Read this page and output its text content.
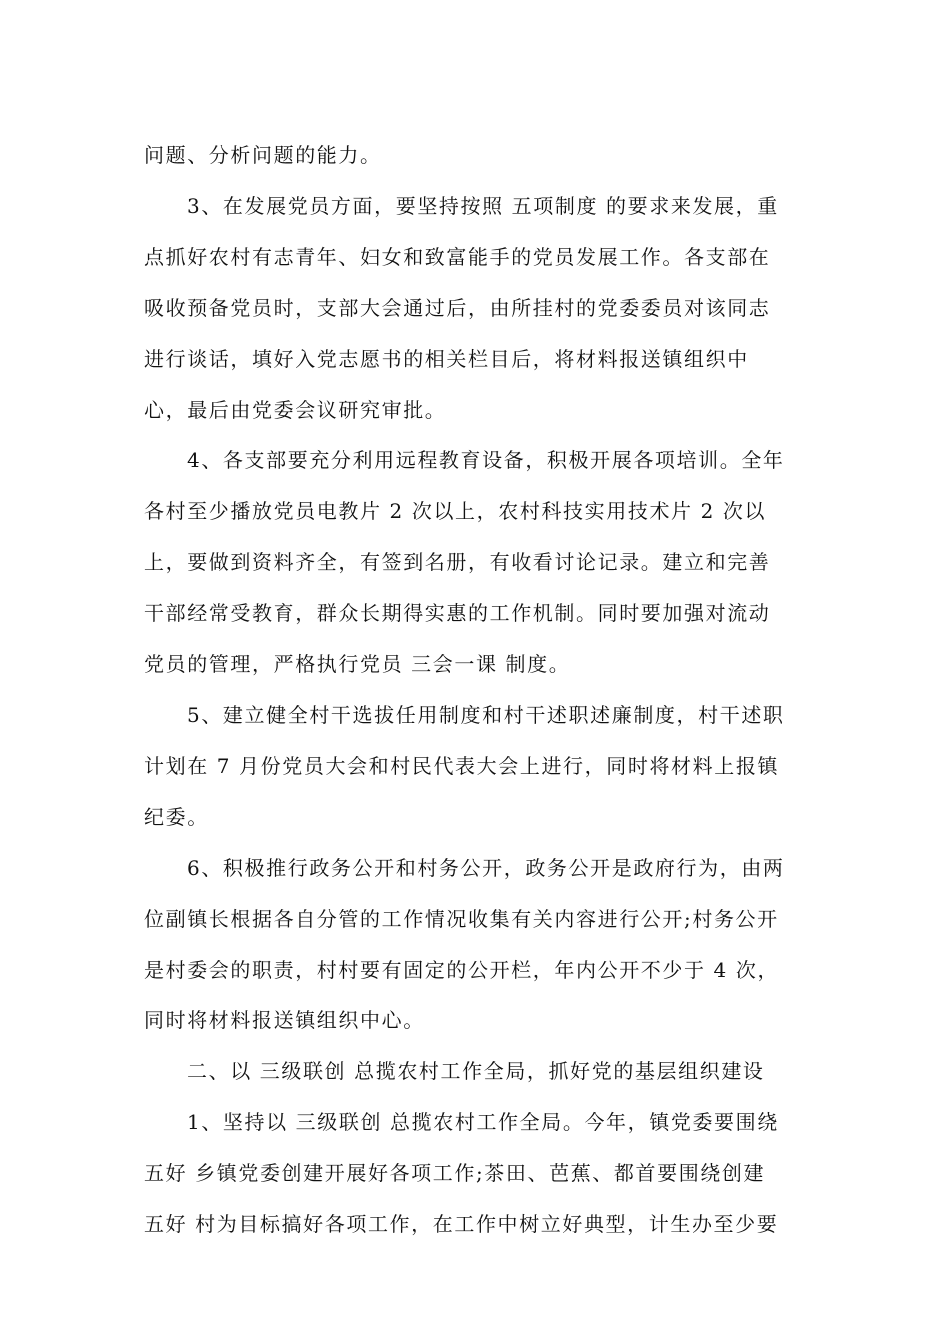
问题、分析问题的能力。

3、在发展党员方面，要坚持按照 五项制度 的要求来发展，重
点抓好农村有志青年、妇女和致富能手的党员发展工作。各支部在
吸收预备党员时，支部大会通过后，由所挂村的党委委员对该同志
进行谈话，填好入党志愿书的相关栏目后，将材料报送镇组织中
心，最后由党委会议研究审批。

4、各支部要充分利用远程教育设备，积极开展各项培训。全年
各村至少播放党员电教片 2 次以上，农村科技实用技术片 2 次以
上，要做到资料齐全，有签到名册，有收看讨论记录。建立和完善
干部经常受教育，群众长期得实惠的工作机制。同时要加强对流动
党员的管理，严格执行党员 三会一课 制度。

5、建立健全村干选拔任用制度和村干述职述廉制度，村干述职
计划在 7 月份党员大会和村民代表大会上进行，同时将材料上报镇
纪委。

6、积极推行政务公开和村务公开，政务公开是政府行为，由两
位副镇长根据各自分管的工作情况收集有关内容进行公开;村务公开
是村委会的职责，村村要有固定的公开栏，年内公开不少于 4 次，
同时将材料报送镇组织中心。

二、以 三级联创 总揽农村工作全局，抓好党的基层组织建设

1、坚持以 三级联创 总揽农村工作全局。今年，镇党委要围绕
五好 乡镇党委创建开展好各项工作;茶田、芭蕉、都首要围绕创建
五好 村为目标搞好各项工作，在工作中树立好典型，计生办至少要
